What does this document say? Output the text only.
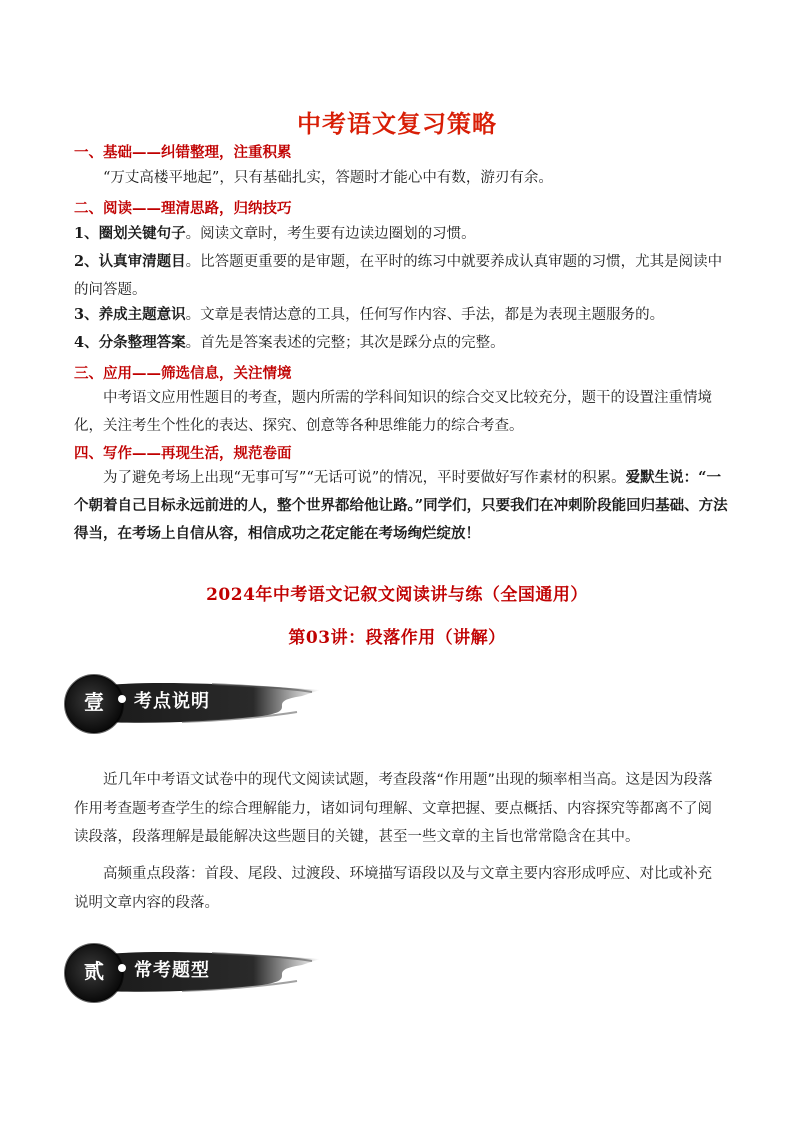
中考语文复习策略

一、基础——纠错整理，注重积累

“万丈高楼平地起”，只有基础扎实，答题时才能心中有数，游刃有余。

二、阅读——理清思路，归纳技巧

1、圈划关键句子。阅读文章时，考生要有边读边圈划的习惯。

2、认真审清题目。比答题更重要的是审题，在平时的练习中就要养成认真审题的习惯，尤其是阅读中的问答题。

3、养成主题意识。文章是表情达意的工具，任何写作内容、手法，都是为表现主题服务的。

4、分条整理答案。首先是答案表述的完整；其次是踩分点的完整。

三、应用——筛选信息，关注情境

中考语文应用性题目的考查，题内所需的学科间知识的综合交叉比较充分，题干的设置注重情境化，关注考生个性化的表达、探究、创意等各种思维能力的综合考查。

四、写作——再现生活，规范卷面

为了避免考场上出现“无事可写”“无话可说”的情况，平时要做好写作素材的积累。爱默生说：“一个朝着自己目标永远前进的人，整个世界都给他让路。”同学们，只要我们在冲刺阶段能回归基础、方法得当，在考场上自信从容，相信成功之花定能在考场绚烂绽放！

2024年中考语文记叙文阅读讲与练（全国通用）

第03讲：段落作用（讲解）

壹 考点说明

近几年中考语文试卷中的现代文阅读试题，考查段落“作用题”出现的频率相当高。这是因为段落作用考查题考查学生的综合理解能力，诸如词句理解、文章把握、要点概括、内容探究等都离不了阅读段落，段落理解是最能解决这些题目的关键，甚至一些文章的主旨也常常隐含在其中。

高频重点段落：首段、尾段、过渡段、环境描写语段以及与文章主要内容形成呼应、对比或补充说明文章内容的段落。

贰 常考题型
